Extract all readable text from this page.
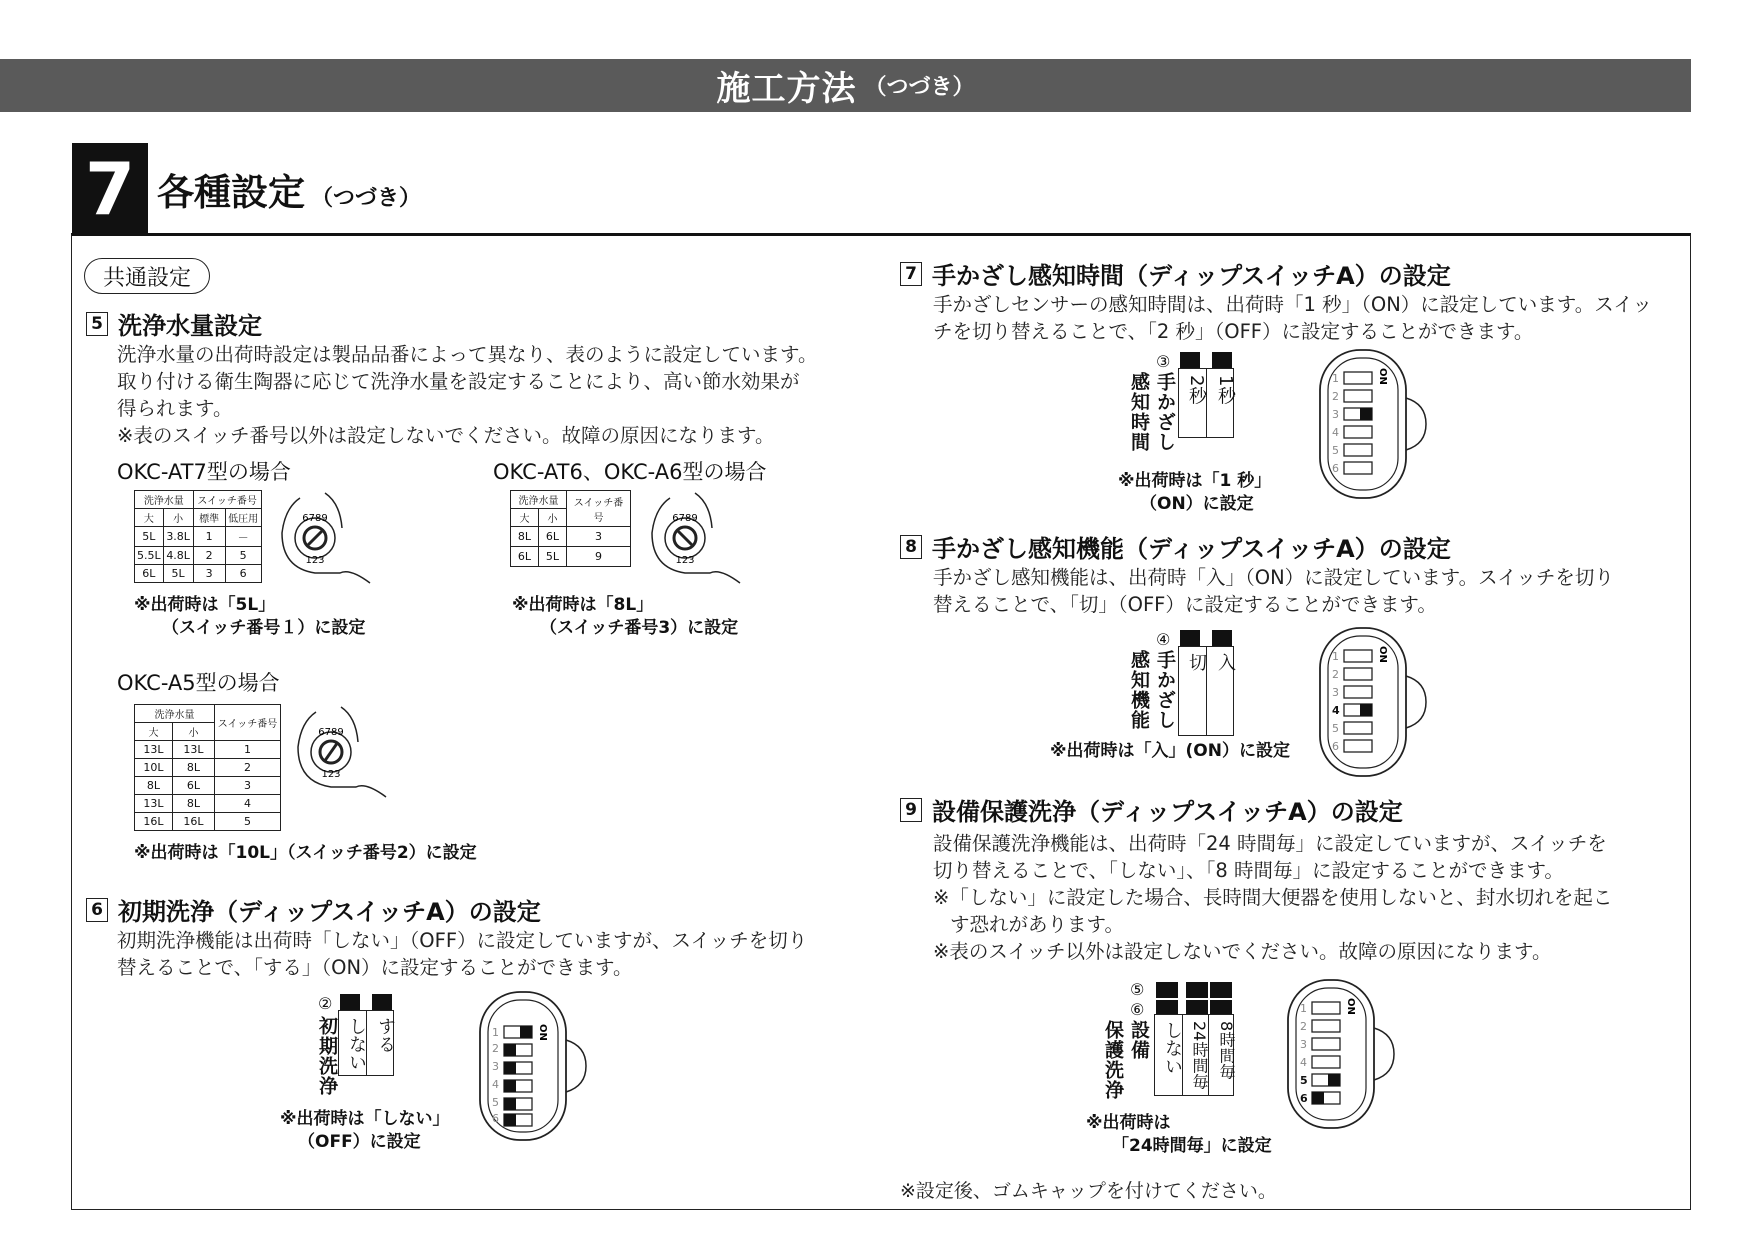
施工方法 （つづき）
7 各種設定 （つづき）
共通設定
5 洗浄水量設定
洗浄水量の出荷時設定は製品品番によって異なり、表のように設定しています。
取り付ける衛生陶器に応じて洗浄水量を設定することにより、高い節水効果が
得られます。
※表のスイッチ番号以外は設定しないでください。故障の原因になります。
OKC-AT7型の場合
洗浄水量		スイッチ番号	
大	小	標準	低圧用
5L	3.8L	1	－
5.5L	4.8L	2	5
6L	5L	3	6
6789
123
※出荷時は「5L」
（スイッチ番号１）に設定
OKC-AT6、OKC-A6型の場合
洗浄水量		スイッチ番号
大	小	
8L	6L	3
6L	5L	9
6789
123
※出荷時は「8L」
（スイッチ番号3）に設定
OKC-A5型の場合
洗浄水量		スイッチ番号
大	小	
13L	13L	1
10L	8L	2
8L	6L	3
13L	8L	4
16L	16L	5
6789
123
※出荷時は「10L」（スイッチ番号2）に設定
6 初期洗浄（ディップスイッチA）の設定
初期洗浄機能は出荷時「しない」（OFF）に設定していますが、スイッチを切り
替えることで、「する」（ON）に設定することができます。
②
初期洗浄 しない する
※出荷時は「しない」
（OFF）に設定
ON
1
2
3
4
5
6
7 手かざし感知時間（ディップスイッチA）の設定
手かざしセンサーの感知時間は、出荷時「1 秒」（ON）に設定しています。スイッ
チを切り替えることで、「2 秒」（OFF）に設定することができます。
③
手かざし
感知時間	2秒 1秒
※出荷時は「1 秒」
（ON）に設定
ON
1
2
3
4
5
6
8 手かざし感知機能（ディップスイッチA）の設定
手かざし感知機能は、出荷時「入」（ON）に設定しています。スイッチを切り
替えることで、「切」（OFF）に設定することができます。
④
手かざし
感知機能	切 入
※出荷時は「入」(ON）に設定
ON
1
2
3
4
5
6
9 設備保護洗浄（ディップスイッチA）の設定
設備保護洗浄機能は、出荷時「24 時間毎」に設定していますが、スイッチを
切り替えることで、「しない」、「8 時間毎」に設定することができます。
※「しない」に設定した場合、長時間大便器を使用しないと、封水切れを起こ
す恐れがあります。
※表のスイッチ以外は設定しないでください。故障の原因になります。
⑤
⑥
設備
保護洗浄	しない 24時間毎 8時間毎
※出荷時は
「24時間毎」に設定
ON
1
2
3
4
5
6
※設定後、ゴムキャップを付けてください。
